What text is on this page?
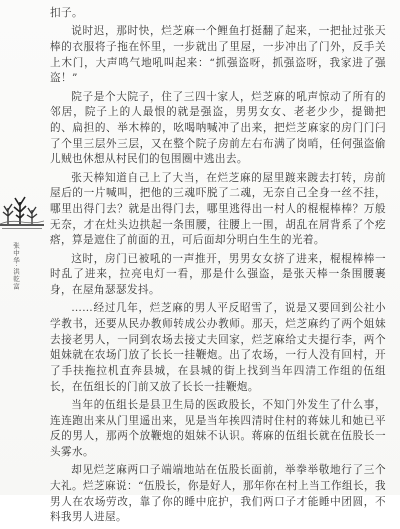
张中华·洪乾富

扣子。

说时迟，那时快，烂芝麻一个鲤鱼打挺翻了起来，一把扯过张天棒的衣服将子拖在怀里，一步就出了里屋，一步冲出了门外，反手关上木门，大声鸣气地吼叫起来：“抓强盗呀，抓强盗呀，我家进了强盗！”

院子是个大院子，住了三四十家人，烂芝麻的吼声惊动了所有的邻居，院子上的人最恨的就是强盗，男男女女、老老少少，提锄把的、扁担的、举木棒的，吆喝呐喊冲了出来，把烂芝麻家的房门门闩了个里三层外三层，又在整个院子房前左右布满了岗哨，任何强盗偷儿贼也休想从村民们的包围圈中逃出去。

张天棒知道自己上了大当，在烂芝麻的屋里踱来踱去打转，房前屋后的一片喊叫，把他的三魂吓脱了二魂，无奈自己全身一丝不挂，哪里出得门去？就是出得门去，哪里逃得出一村人的棍棍棒棒？万般无奈，才在灶头边拱起一条围腰，往腰上一围，胡乱在屑背系了个疙瘩，算是遮住了前面的丑，可后面却分明白生生的光着。

这时，房门已被吼的一声推开，男男女女挤了进来，棍棍棒棒一时乱了进来，拉亮电灯一看，那是什么强盗，是张天棒一条围腰裹身，在屋角瑟瑟发抖。

……经过几年，烂芝麻的男人平反昭雪了，说是又要回到公社小学教书，还要从民办教师转成公办教师。那天，烂芝麻约了两个姐妹去接老男人，一同到农场去接丈夫回家，烂芝麻给丈夫提行李，两个姐妹就在农场门放了长长一挂鞭炮。出了农场，一行人没有回村，开了手扶拖拉机直奔县城，在县城的街上找到当年四清工作组的伍组长，在伍组长的门前又放了长长一挂鞭炮。

当年的伍组长是县卫生局的医政股长，不知门外发生了什么事，连连跑出来从门里遥出来，见是当年挨四清时住村的蒋妹儿和她已平反的男人，那两个放鞭炮的姐妹不认识。蒋麻的伍组长就在伍股长一头雾水。

却见烂芝麻两口子端端地站在伍股长面前，举拳举敬地行了三个大礼。烂芝麻说：“伍股长，你是好人，那年你在村上当工作组长，我男人在农场劳改，靠了你的睡中庇护，我们两口子才能睡中团圆，不料我男人进屋。
